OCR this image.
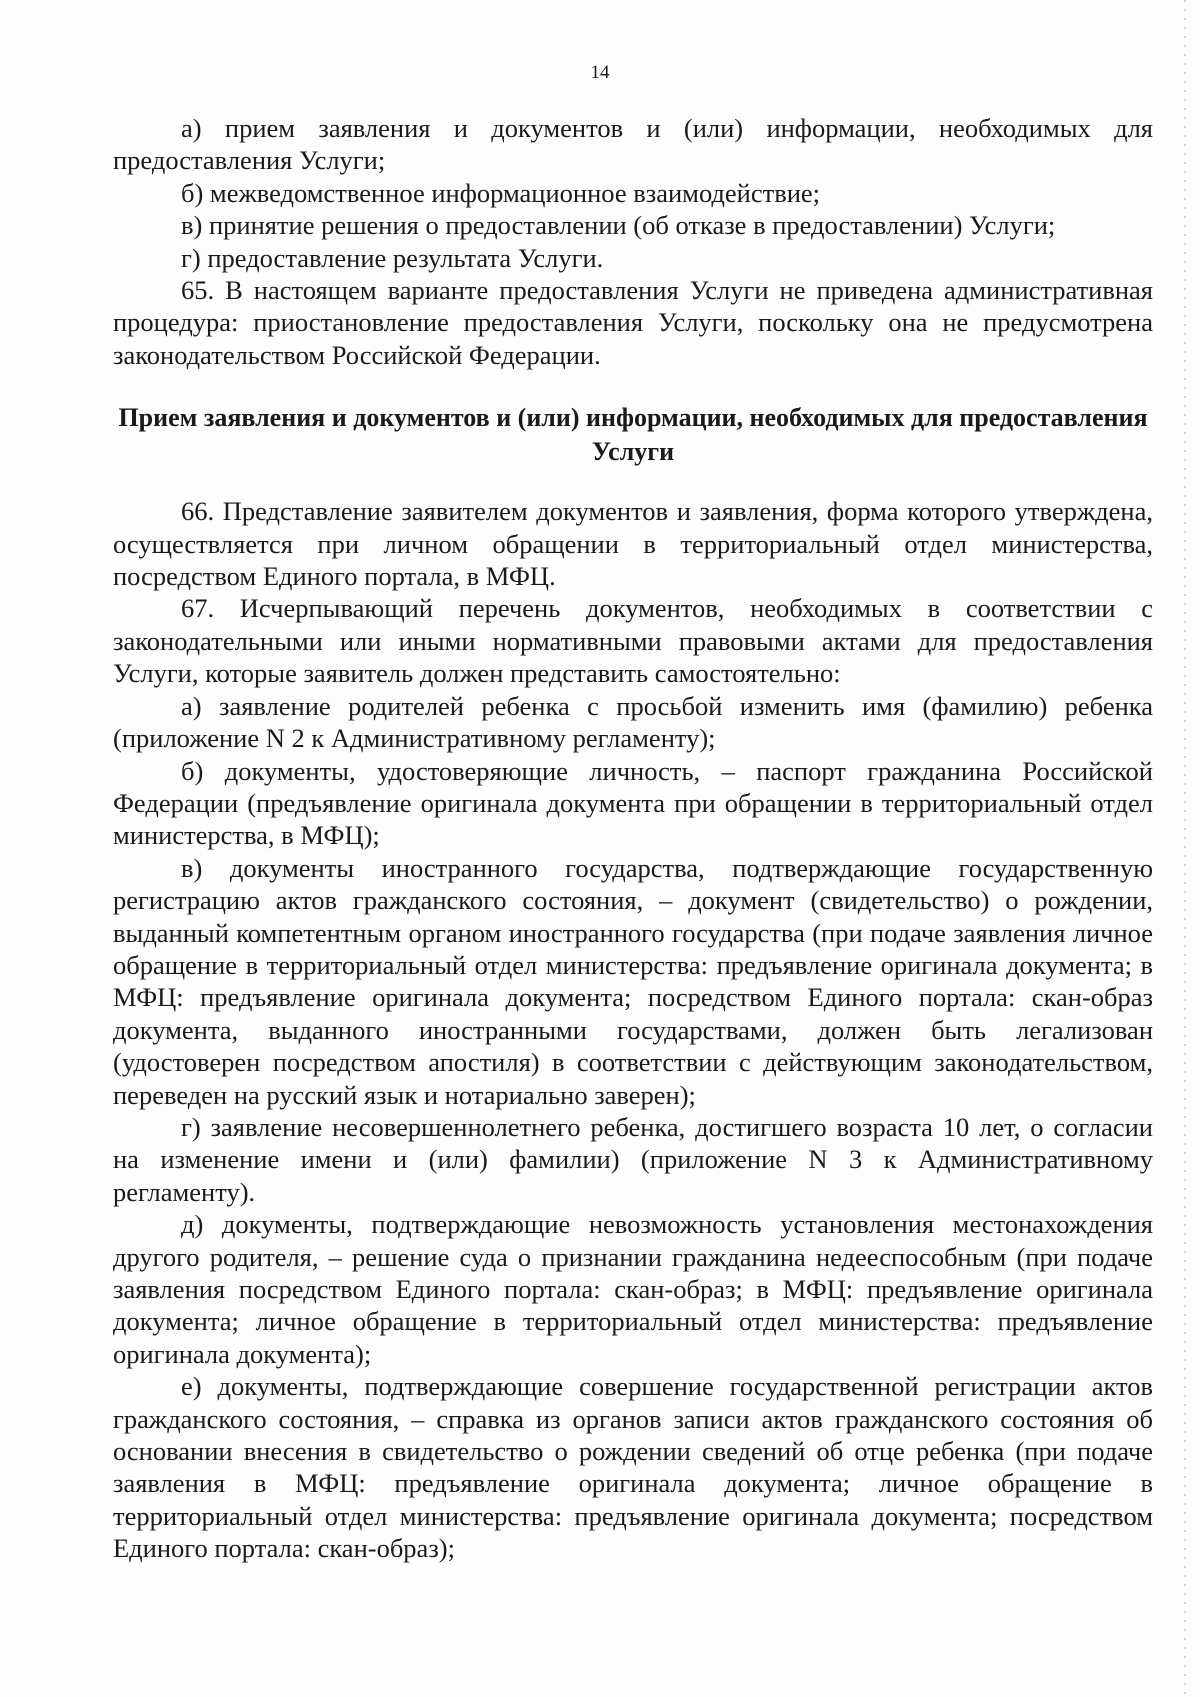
14

а) прием заявления и документов и (или) информации, необходимых для предоставления Услуги;

б) межведомственное информационное взаимодействие;

в) принятие решения о предоставлении (об отказе в предоставлении) Услуги;

г) предоставление результата Услуги.

65. В настоящем варианте предоставления Услуги не приведена административная процедура: приостановление предоставления Услуги, поскольку она не предусмотрена законодательством Российской Федерации.

Прием заявления и документов и (или) информации, необходимых для предоставления Услуги

66. Представление заявителем документов и заявления, форма которого утверждена, осуществляется при личном обращении в территориальный отдел министерства, посредством Единого портала, в МФЦ.

67. Исчерпывающий перечень документов, необходимых в соответствии с законодательными или иными нормативными правовыми актами для предоставления Услуги, которые заявитель должен представить самостоятельно:

а) заявление родителей ребенка с просьбой изменить имя (фамилию) ребенка (приложение N 2 к Административному регламенту);

б) документы, удостоверяющие личность, – паспорт гражданина Российской Федерации (предъявление оригинала документа при обращении в территориальный отдел министерства, в МФЦ);

в) документы иностранного государства, подтверждающие государственную регистрацию актов гражданского состояния, – документ (свидетельство) о рождении, выданный компетентным органом иностранного государства (при подаче заявления личное обращение в территориальный отдел министерства: предъявление оригинала документа; в МФЦ: предъявление оригинала документа; посредством Единого портала: скан-образ документа, выданного иностранными государствами, должен быть легализован (удостоверен посредством апостиля) в соответствии с действующим законодательством, переведен на русский язык и нотариально заверен);

г) заявление несовершеннолетнего ребенка, достигшего возраста 10 лет, о согласии на изменение имени и (или) фамилии) (приложение N 3 к Административному регламенту).

д) документы, подтверждающие невозможность установления местонахождения другого родителя, – решение суда о признании гражданина недееспособным (при подаче заявления посредством Единого портала: скан-образ; в МФЦ: предъявление оригинала документа; личное обращение в территориальный отдел министерства: предъявление оригинала документа);

е) документы, подтверждающие совершение государственной регистрации актов гражданского состояния, – справка из органов записи актов гражданского состояния об основании внесения в свидетельство о рождении сведений об отце ребенка (при подаче заявления в МФЦ: предъявление оригинала документа; личное обращение в территориальный отдел министерства: предъявление оригинала документа; посредством Единого портала: скан-образ);
